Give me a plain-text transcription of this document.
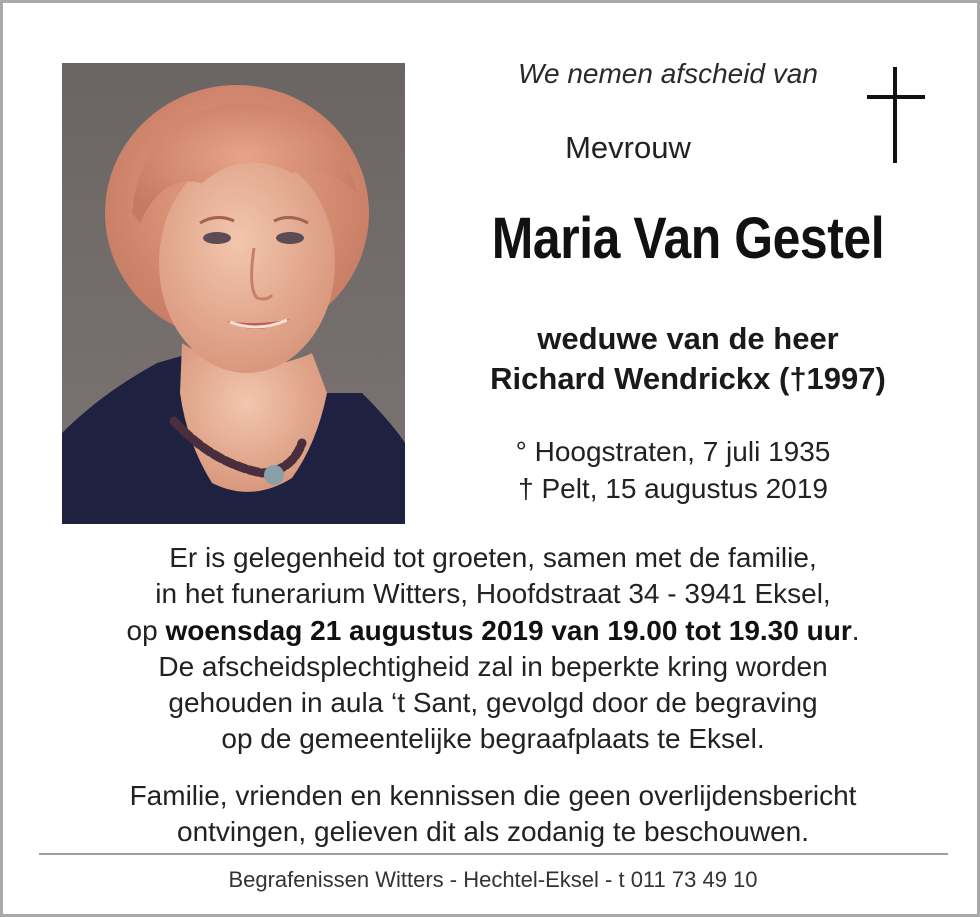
We nemen afscheid van
Mevrouw
Maria Van Gestel
weduwe van de heer
Richard Wendrickx (†1997)
° Hoogstraten, 7 juli 1935
† Pelt, 15 augustus 2019
Er is gelegenheid tot groeten, samen met de familie,
in het funerarium Witters, Hoofdstraat 34 - 3941 Eksel,
op woensdag 21 augustus 2019 van 19.00 tot 19.30 uur.
De afscheidsplechtigheid zal in beperkte kring worden
gehouden in aula ‘t Sant, gevolgd door de begraving
op de gemeentelijke begraafplaats te Eksel.
Familie, vrienden en kennissen die geen overlijdensbericht
ontvingen, gelieven dit als zodanig te beschouwen.
Begrafenissen Witters - Hechtel-Eksel - t 011 73 49 10
